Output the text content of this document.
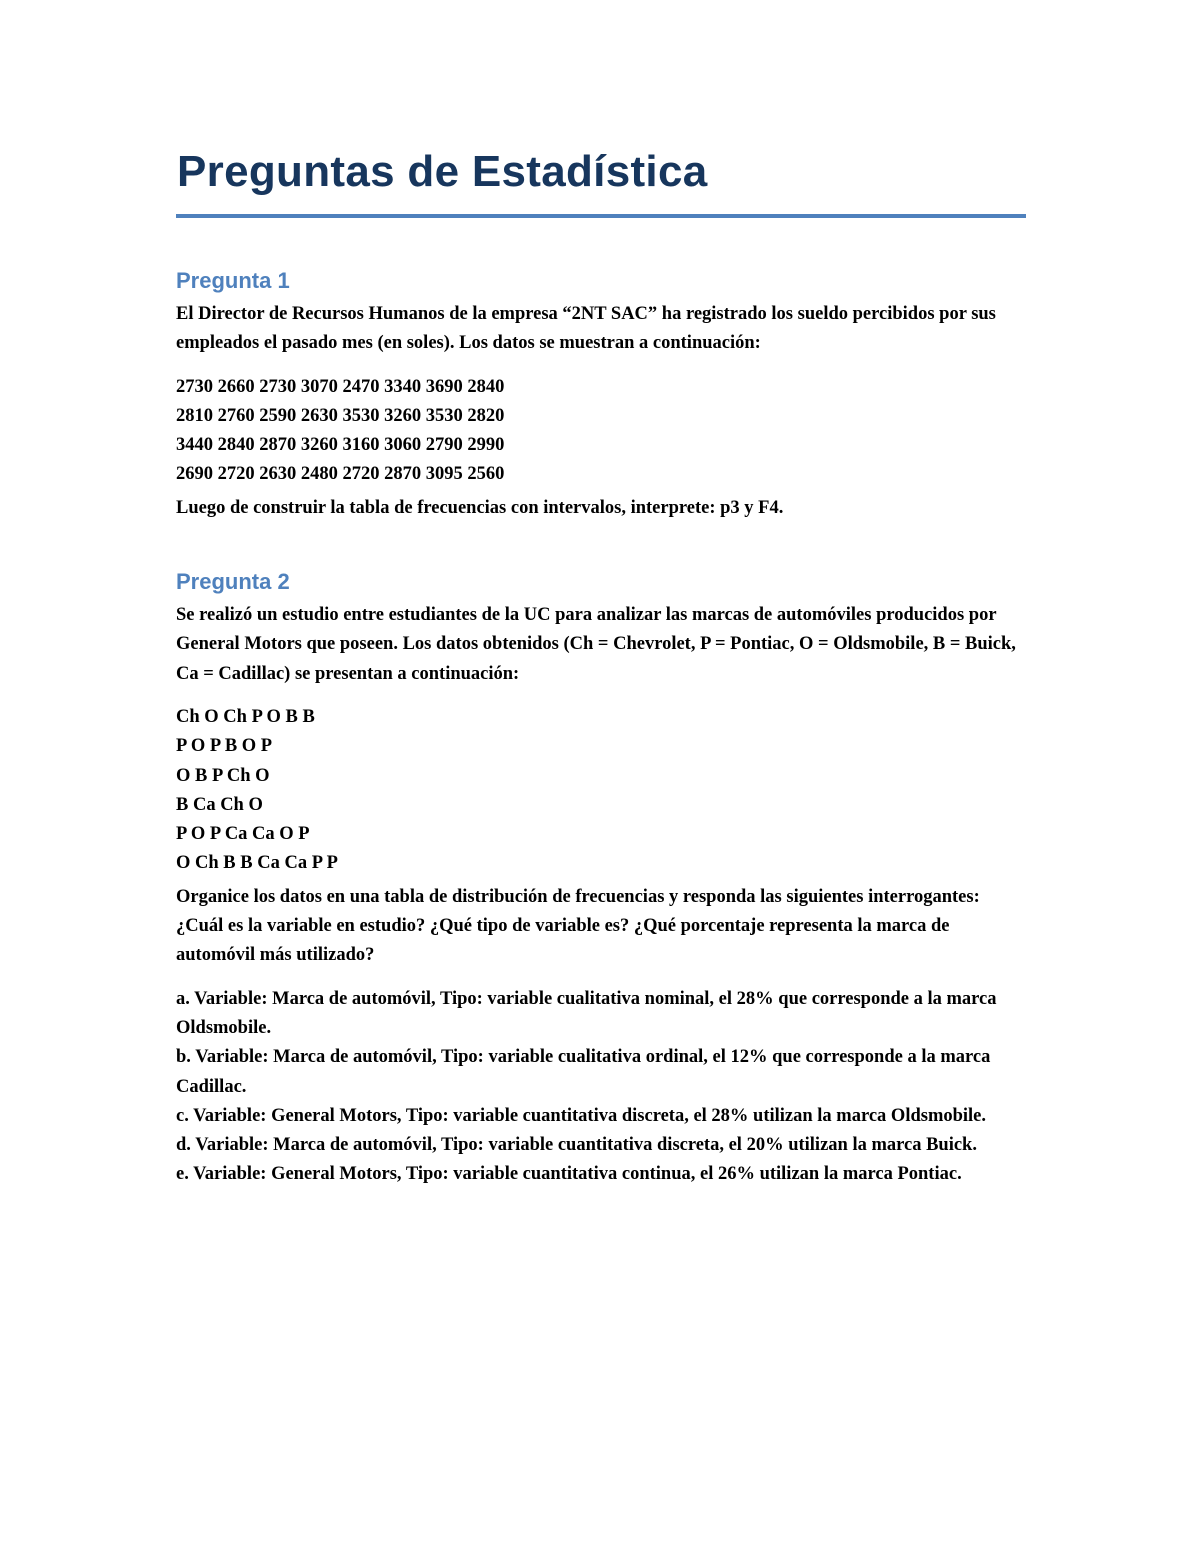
Preguntas de Estadística
Pregunta 1

El Director de Recursos Humanos de la empresa “2NT SAC” ha registrado los sueldo percibidos por sus empleados el pasado mes (en soles). Los datos se muestran a continuación:

2730 2660 2730 3070 2470 3340 3690 2840
2810 2760 2590 2630 3530 3260 3530 2820
3440 2840 2870 3260 3160 3060 2790 2990
2690 2720 2630 2480 2720 2870 3095 2560

Luego de construir la tabla de frecuencias con intervalos, interprete: p3 y F4.

Pregunta 2

Se realizó un estudio entre estudiantes de la UC para analizar las marcas de automóviles producidos por General Motors que poseen. Los datos obtenidos (Ch = Chevrolet, P = Pontiac, O = Oldsmobile, B = Buick, Ca = Cadillac) se presentan a continuación:

Ch O Ch P O B B
P O P B O P
O B P Ch O
B Ca Ch O
P O P Ca Ca O P
O Ch B B Ca Ca P P

Organice los datos en una tabla de distribución de frecuencias y responda las siguientes interrogantes:

¿Cuál es la variable en estudio? ¿Qué tipo de variable es? ¿Qué porcentaje representa la marca de automóvil más utilizado?

a. Variable: Marca de automóvil, Tipo: variable cualitativa nominal, el 28% que corresponde a la marca Oldsmobile.

b. Variable: Marca de automóvil, Tipo: variable cualitativa ordinal, el 12% que corresponde a la marca Cadillac.

c. Variable: General Motors, Tipo: variable cuantitativa discreta, el 28% utilizan la marca Oldsmobile.

d. Variable: Marca de automóvil, Tipo: variable cuantitativa discreta, el 20% utilizan la marca Buick.

e. Variable: General Motors, Tipo: variable cuantitativa continua, el 26% utilizan la marca Pontiac.
